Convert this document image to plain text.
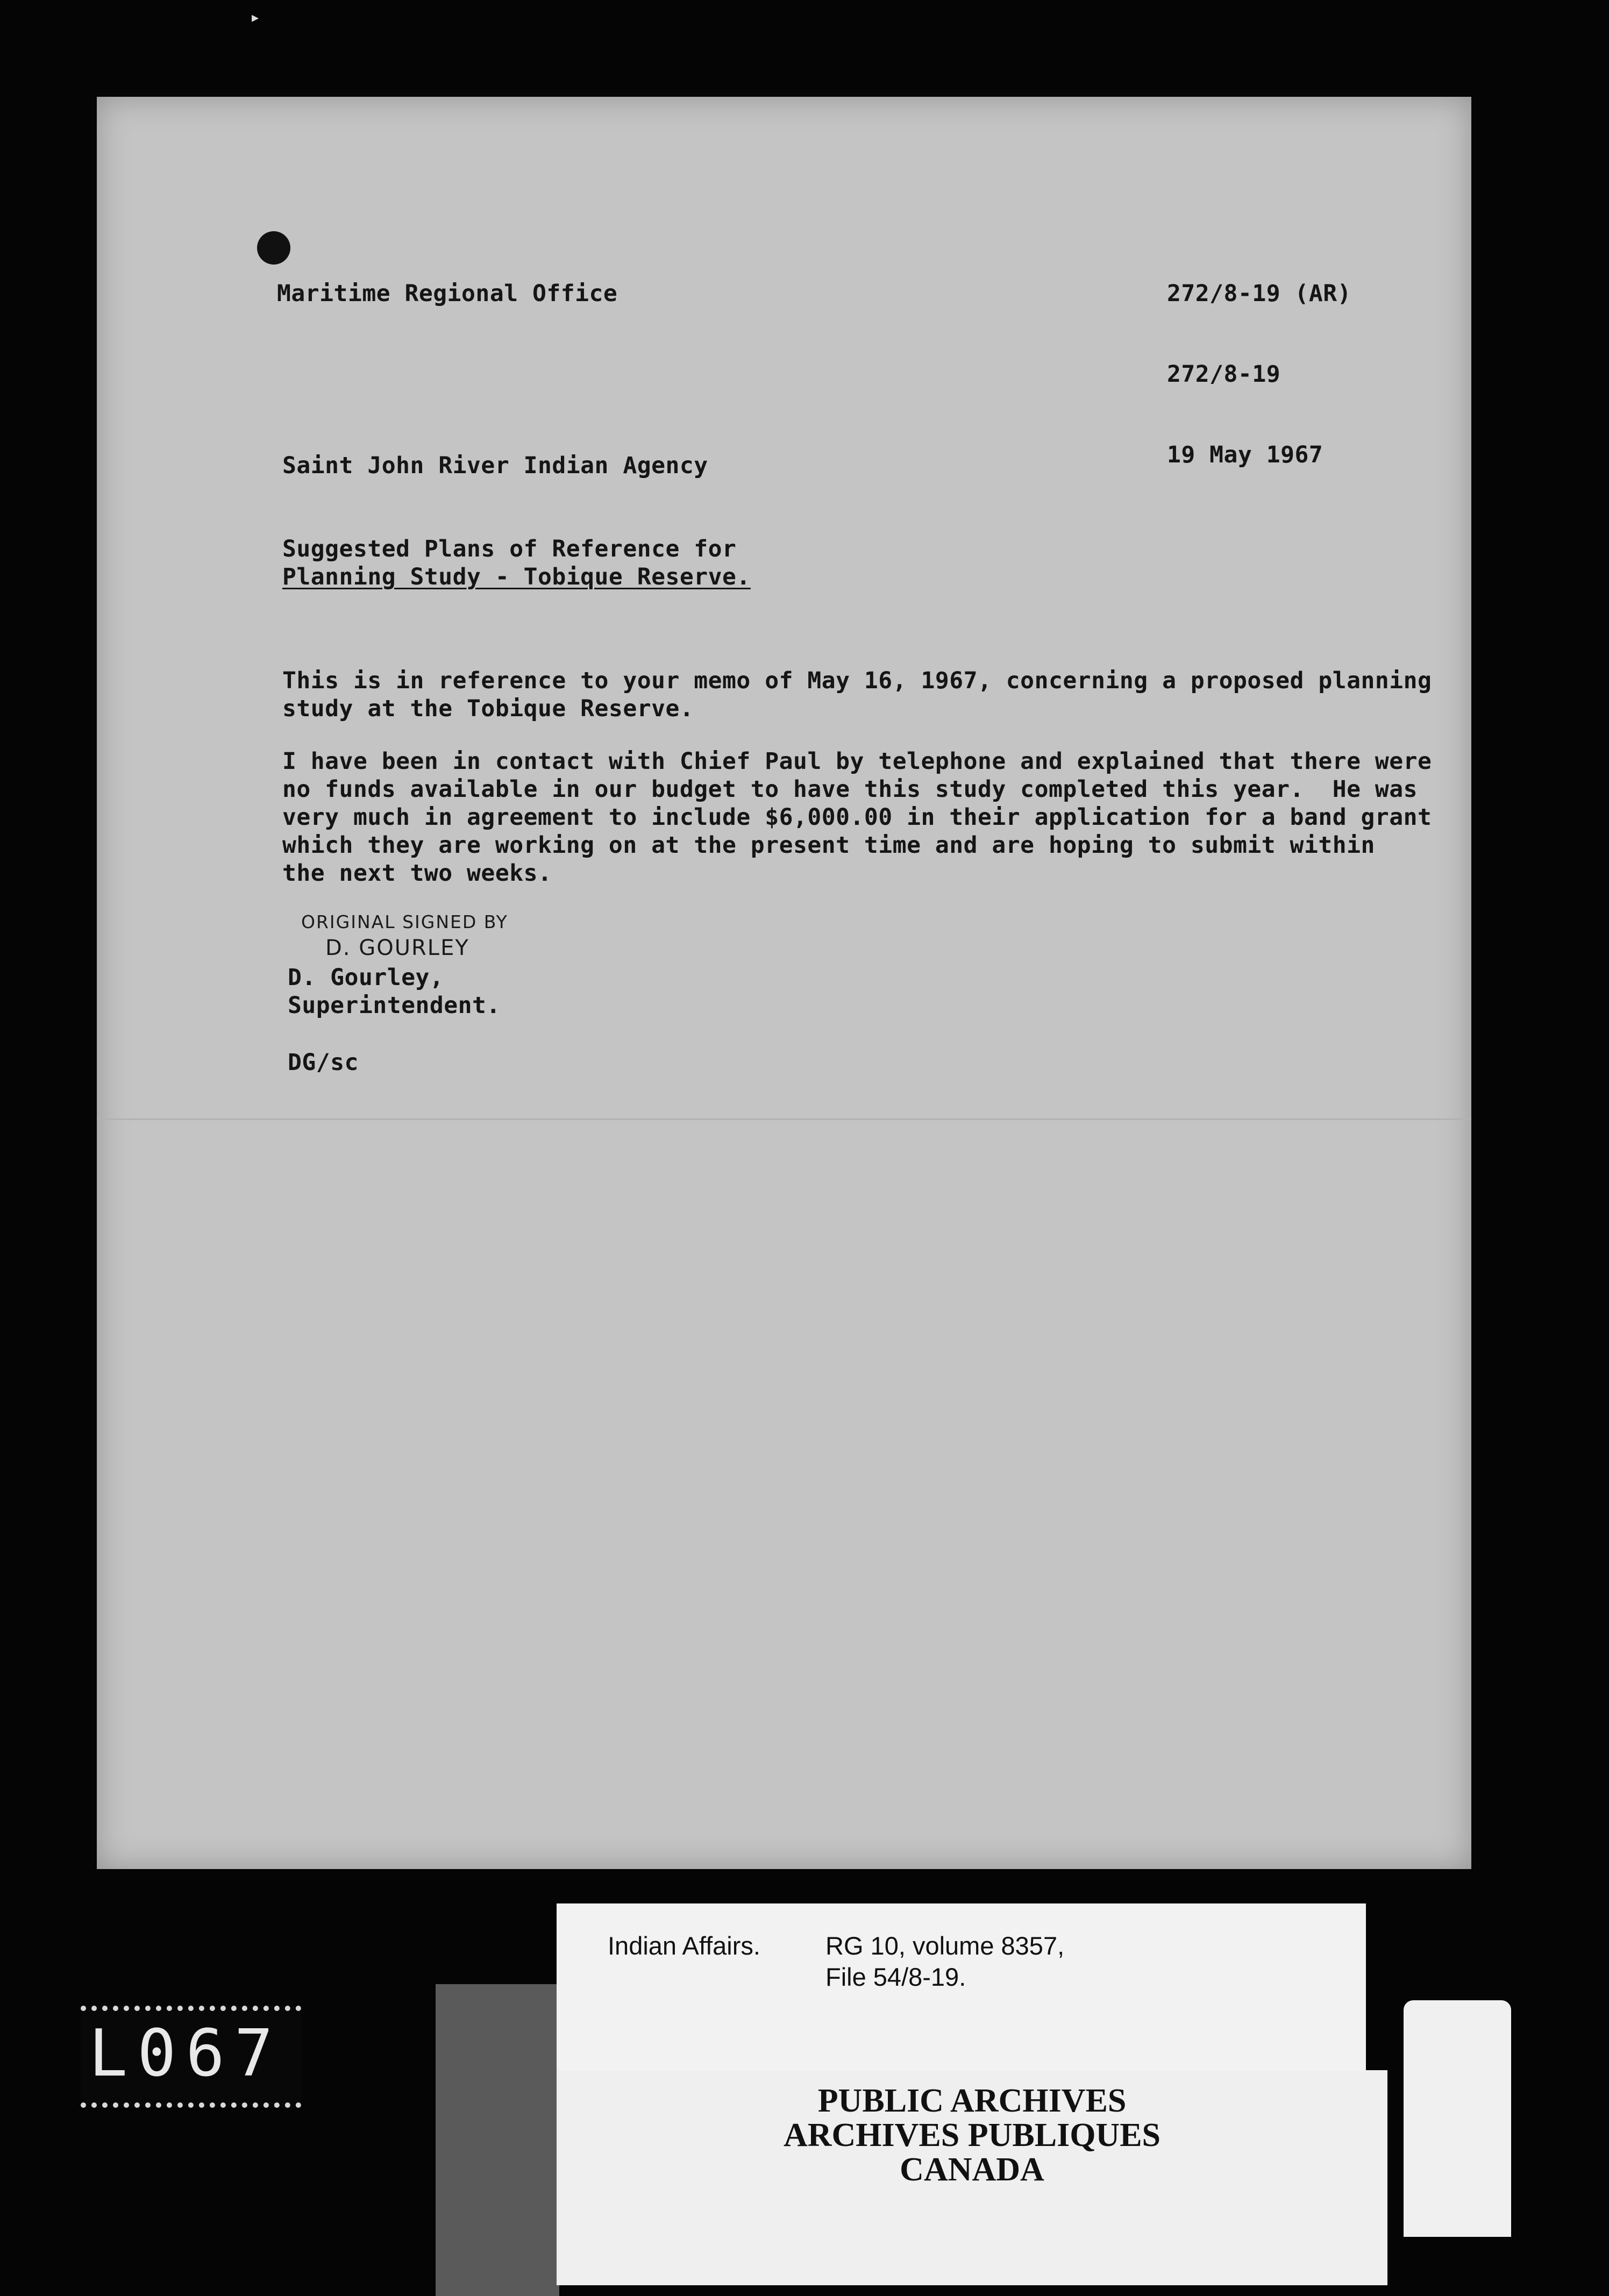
▸
Maritime Regional Office	272/8-19 (AR)
272/8-19
19 May 1967
Saint John River Indian Agency
Suggested Plans of Reference for
Planning Study - Tobique Reserve.
This is in reference to your memo of May 16, 1967, concerning a proposed planning
study at the Tobique Reserve.
I have been in contact with Chief Paul by telephone and explained that there were
no funds available in our budget to have this study completed this year.  He was
very much in agreement to include $6,000.00 in their application for a band grant
which they are working on at the present time and are hoping to submit within
the next two weeks.
ORIGINAL SIGNED BY
D. GOURLEY
D. Gourley,
Superintendent.
DG/sc
L067
Indian Affairs.	RG 10, volume 8357,
File 54/8-19.
PUBLIC ARCHIVES
ARCHIVES PUBLIQUES
CANADA
